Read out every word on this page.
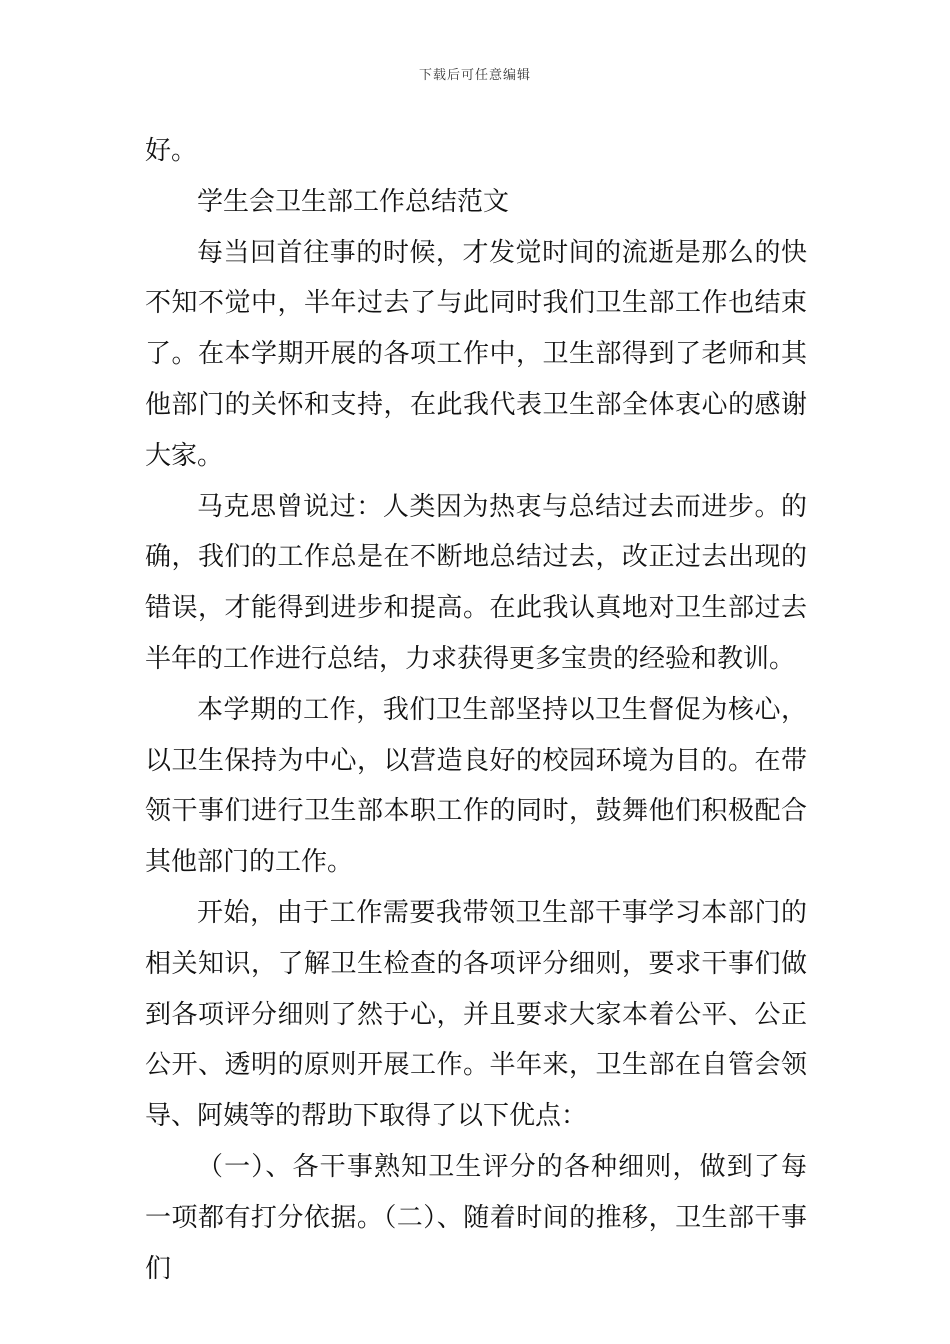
下载后可任意编辑

好。

学生会卫生部工作总结范文

每当回首往事的时候，才发觉时间的流逝是那么的快不知不觉中，半年过去了与此同时我们卫生部工作也结束了。在本学期开展的各项工作中，卫生部得到了老师和其他部门的关怀和支持，在此我代表卫生部全体衷心的感谢大家。

马克思曾说过：人类因为热衷与总结过去而进步。的确，我们的工作总是在不断地总结过去，改正过去出现的错误，才能得到进步和提高。在此我认真地对卫生部过去半年的工作进行总结，力求获得更多宝贵的经验和教训。

本学期的工作，我们卫生部坚持以卫生督促为核心，以卫生保持为中心，以营造良好的校园环境为目的。在带领干事们进行卫生部本职工作的同时，鼓舞他们积极配合其他部门的工作。

开始，由于工作需要我带领卫生部干事学习本部门的相关知识，了解卫生检查的各项评分细则，要求干事们做到各项评分细则了然于心，并且要求大家本着公平、公正公开、透明的原则开展工作。半年来，卫生部在自管会领导、阿姨等的帮助下取得了以下优点：

（一）、各干事熟知卫生评分的各种细则，做到了每一项都有打分依据。（二）、随着时间的推移，卫生部干事们
